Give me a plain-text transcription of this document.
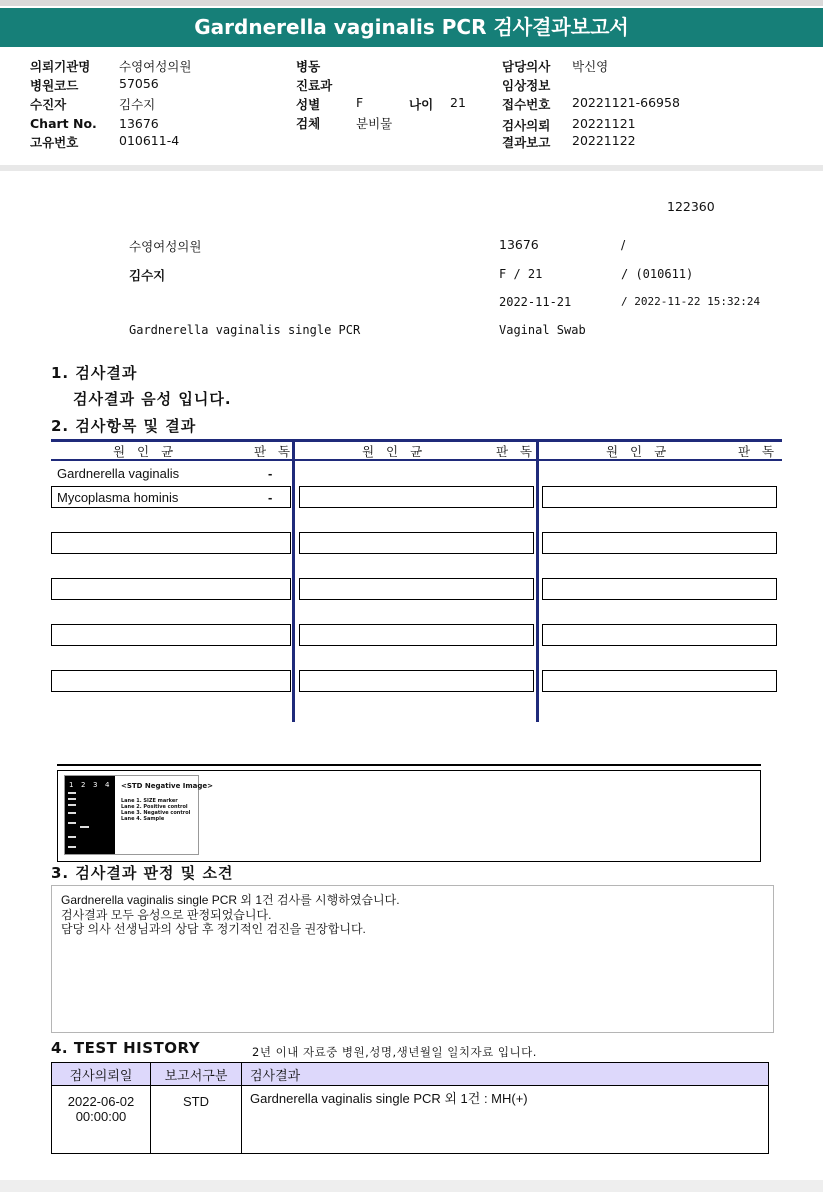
Gardnerella vaginalis PCR 검사결과보고서
의뢰기관명 수영여성의원
병원코드	57056
수진자	김수지
Chart No. 13676
고유번호	010611-4
병동
진료과
성별	F	나이 21
검체	분비물
담당의사 박신영
임상정보
접수번호 20221121-66958
검사의뢰 20221121
결과보고 20221122
122360
수영여성의원	13676	/
김수지	F / 21	/ (010611)
2022-11-21	/ 2022-11-22 15:32:24
Gardnerella vaginalis single PCR	Vaginal Swab
1. 검사결과
검사결과 음성 입니다.
2. 검사항목 및 결과
원 인 균	판 독	원 인 균	판 독	원 인 균	판 독
Gardnerella vaginalis	-
Mycoplasma hominis	-
1 2 3 4 <STD Negative Image>
Lane 1. SIZE marker
Lane 2. Positive control
Lane 3. Negative control
Lane 4. Sample
3. 검사결과 판정 및 소견
Gardnerella vaginalis single PCR 외 1건 검사를 시행하였습니다.
검사결과 모두 음성으로 판정되었습니다.
담당 의사 선생님과의 상담 후 정기적인 검진을 권장합니다.
4. TEST HISTORY	2년 이내 자료중 병원,성명,생년월일 일치자료 입니다.
검사의뢰일	보고서구분	검사결과

2022-06-02
00:00:00	STD	Gardnerella vaginalis single PCR 외 1건 : MH(+)
